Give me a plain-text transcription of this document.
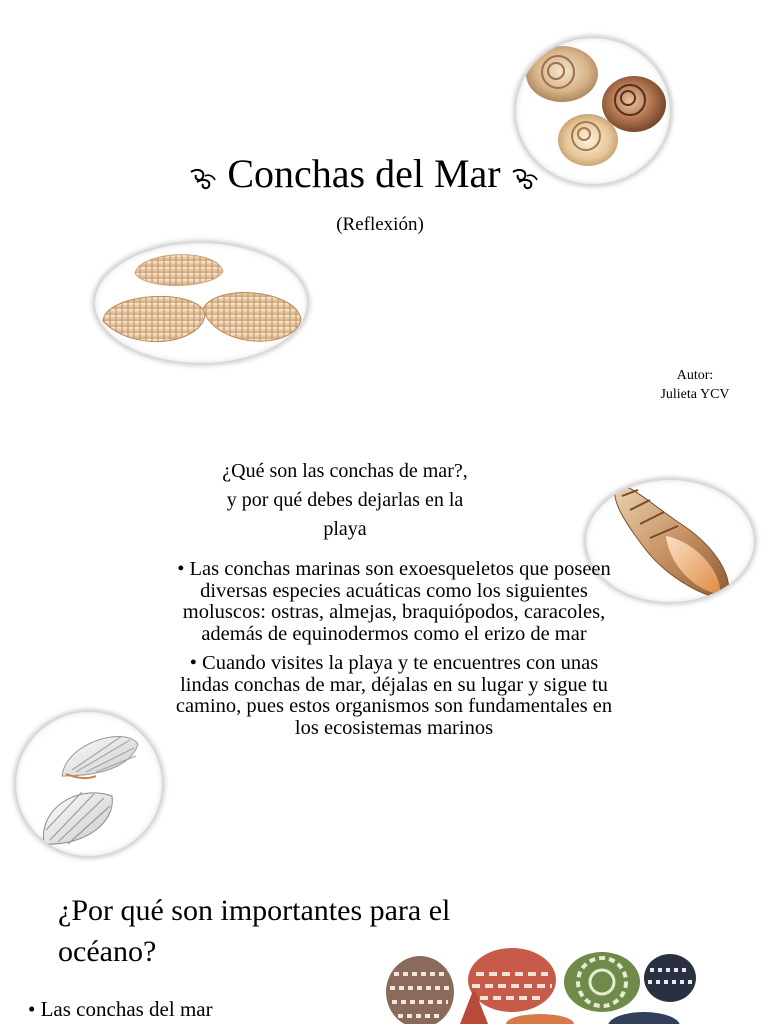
Conchas del Mar
(Reflexión)
Autor:
Julieta YCV
¿Qué son las conchas de mar?,
y por qué debes dejarlas en la
playa
• Las conchas marinas son exoesqueletos que poseen diversas especies acuáticas como los siguientes moluscos: ostras, almejas, braquiópodos, caracoles, además de equinodermos como el erizo de mar
• Cuando visites la playa y te encuentres con unas lindas conchas de mar, déjalas en su lugar y sigue tu camino, pues estos organismos son fundamentales en los ecosistemas marinos
¿Por qué son importantes para el
océano?
• Las conchas del mar
